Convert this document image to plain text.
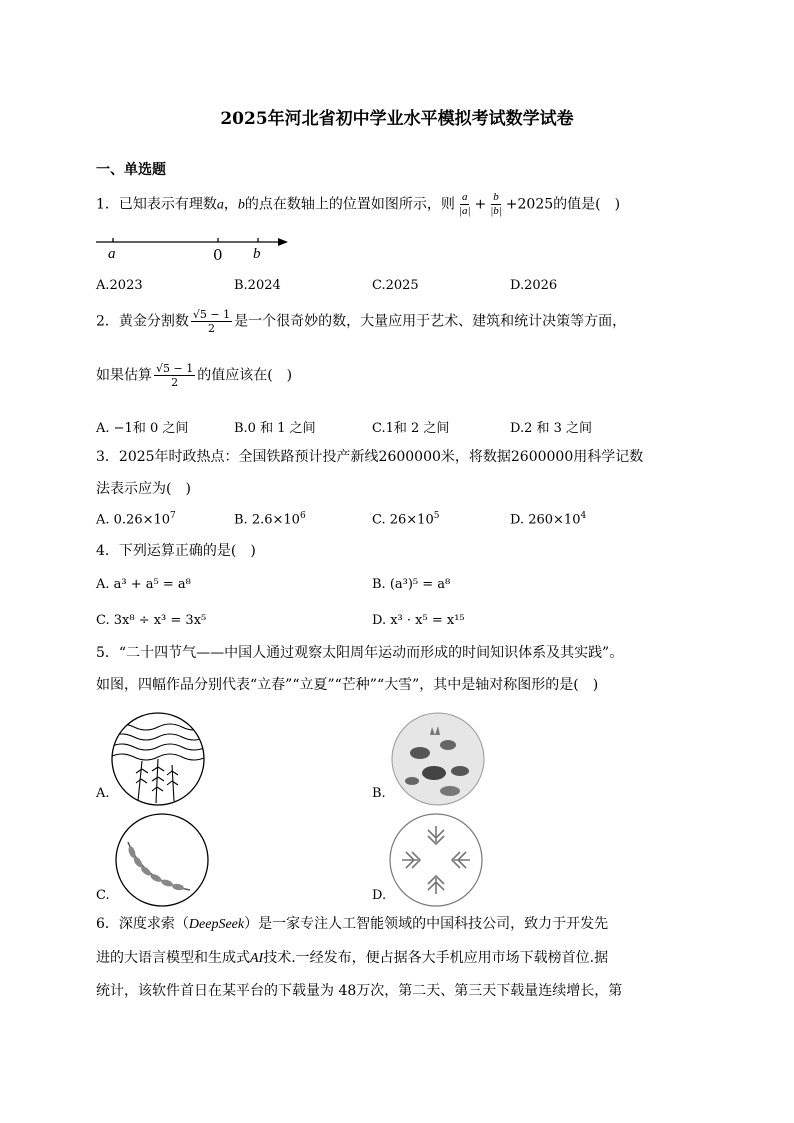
2025年河北省初中学业水平模拟考试数学试卷
一、单选题
1．已知表示有理数a，b的点在数轴上的位置如图所示，则 $\frac{a}{|a|} + \frac{b}{|b|} +2025$的值是(　)
a	0 b
A.2023	B.2024	C.2025	D.2026
2．黄金分割数 $\frac{√5 - 1}{2}$ 是一个很奇妙的数，大量应用于艺术、建筑和统计决策等方面，
如果估算 $\frac{√5 - 1}{2}$ 的值应该在(　)
A. −1和 0 之间	B.0 和 1 之间	C.1和 2 之间	D.2 和 3 之间
3．2025年时政热点：全国铁路预计投产新线2600000米，将数据2600000用科学记数
法表示应为(　)
A. $0.26\times 10^7$	B. $2.6\times 10^6$	C. $26\times 10^5$	D. $260\times 10^4$
4．下列运算正确的是(　)
A. a³ + a⁵ = a⁸	B. (a³)⁵ = a⁸
C. 3x⁸ ÷ x³ = 3x⁵	D. x³ · x⁵ = x¹⁵
5．“二十四节气——中国人通过观察太阳周年运动而形成的时间知识体系及其实践”。
如图，四幅作品分别代表“立春”“立夏”“芒种”“大雪”，其中是轴对称图形的是(　)
A.	B.
C.	D.
6．深度求索（DeepSeek）是一家专注人工智能领域的中国科技公司，致力于开发先
进的大语言模型和生成式AI技术.一经发布，便占据各大手机应用市场下载榜首位.据
统计，该软件首日在某平台的下载量为 48万次，第二天、第三天下载量连续增长，第
